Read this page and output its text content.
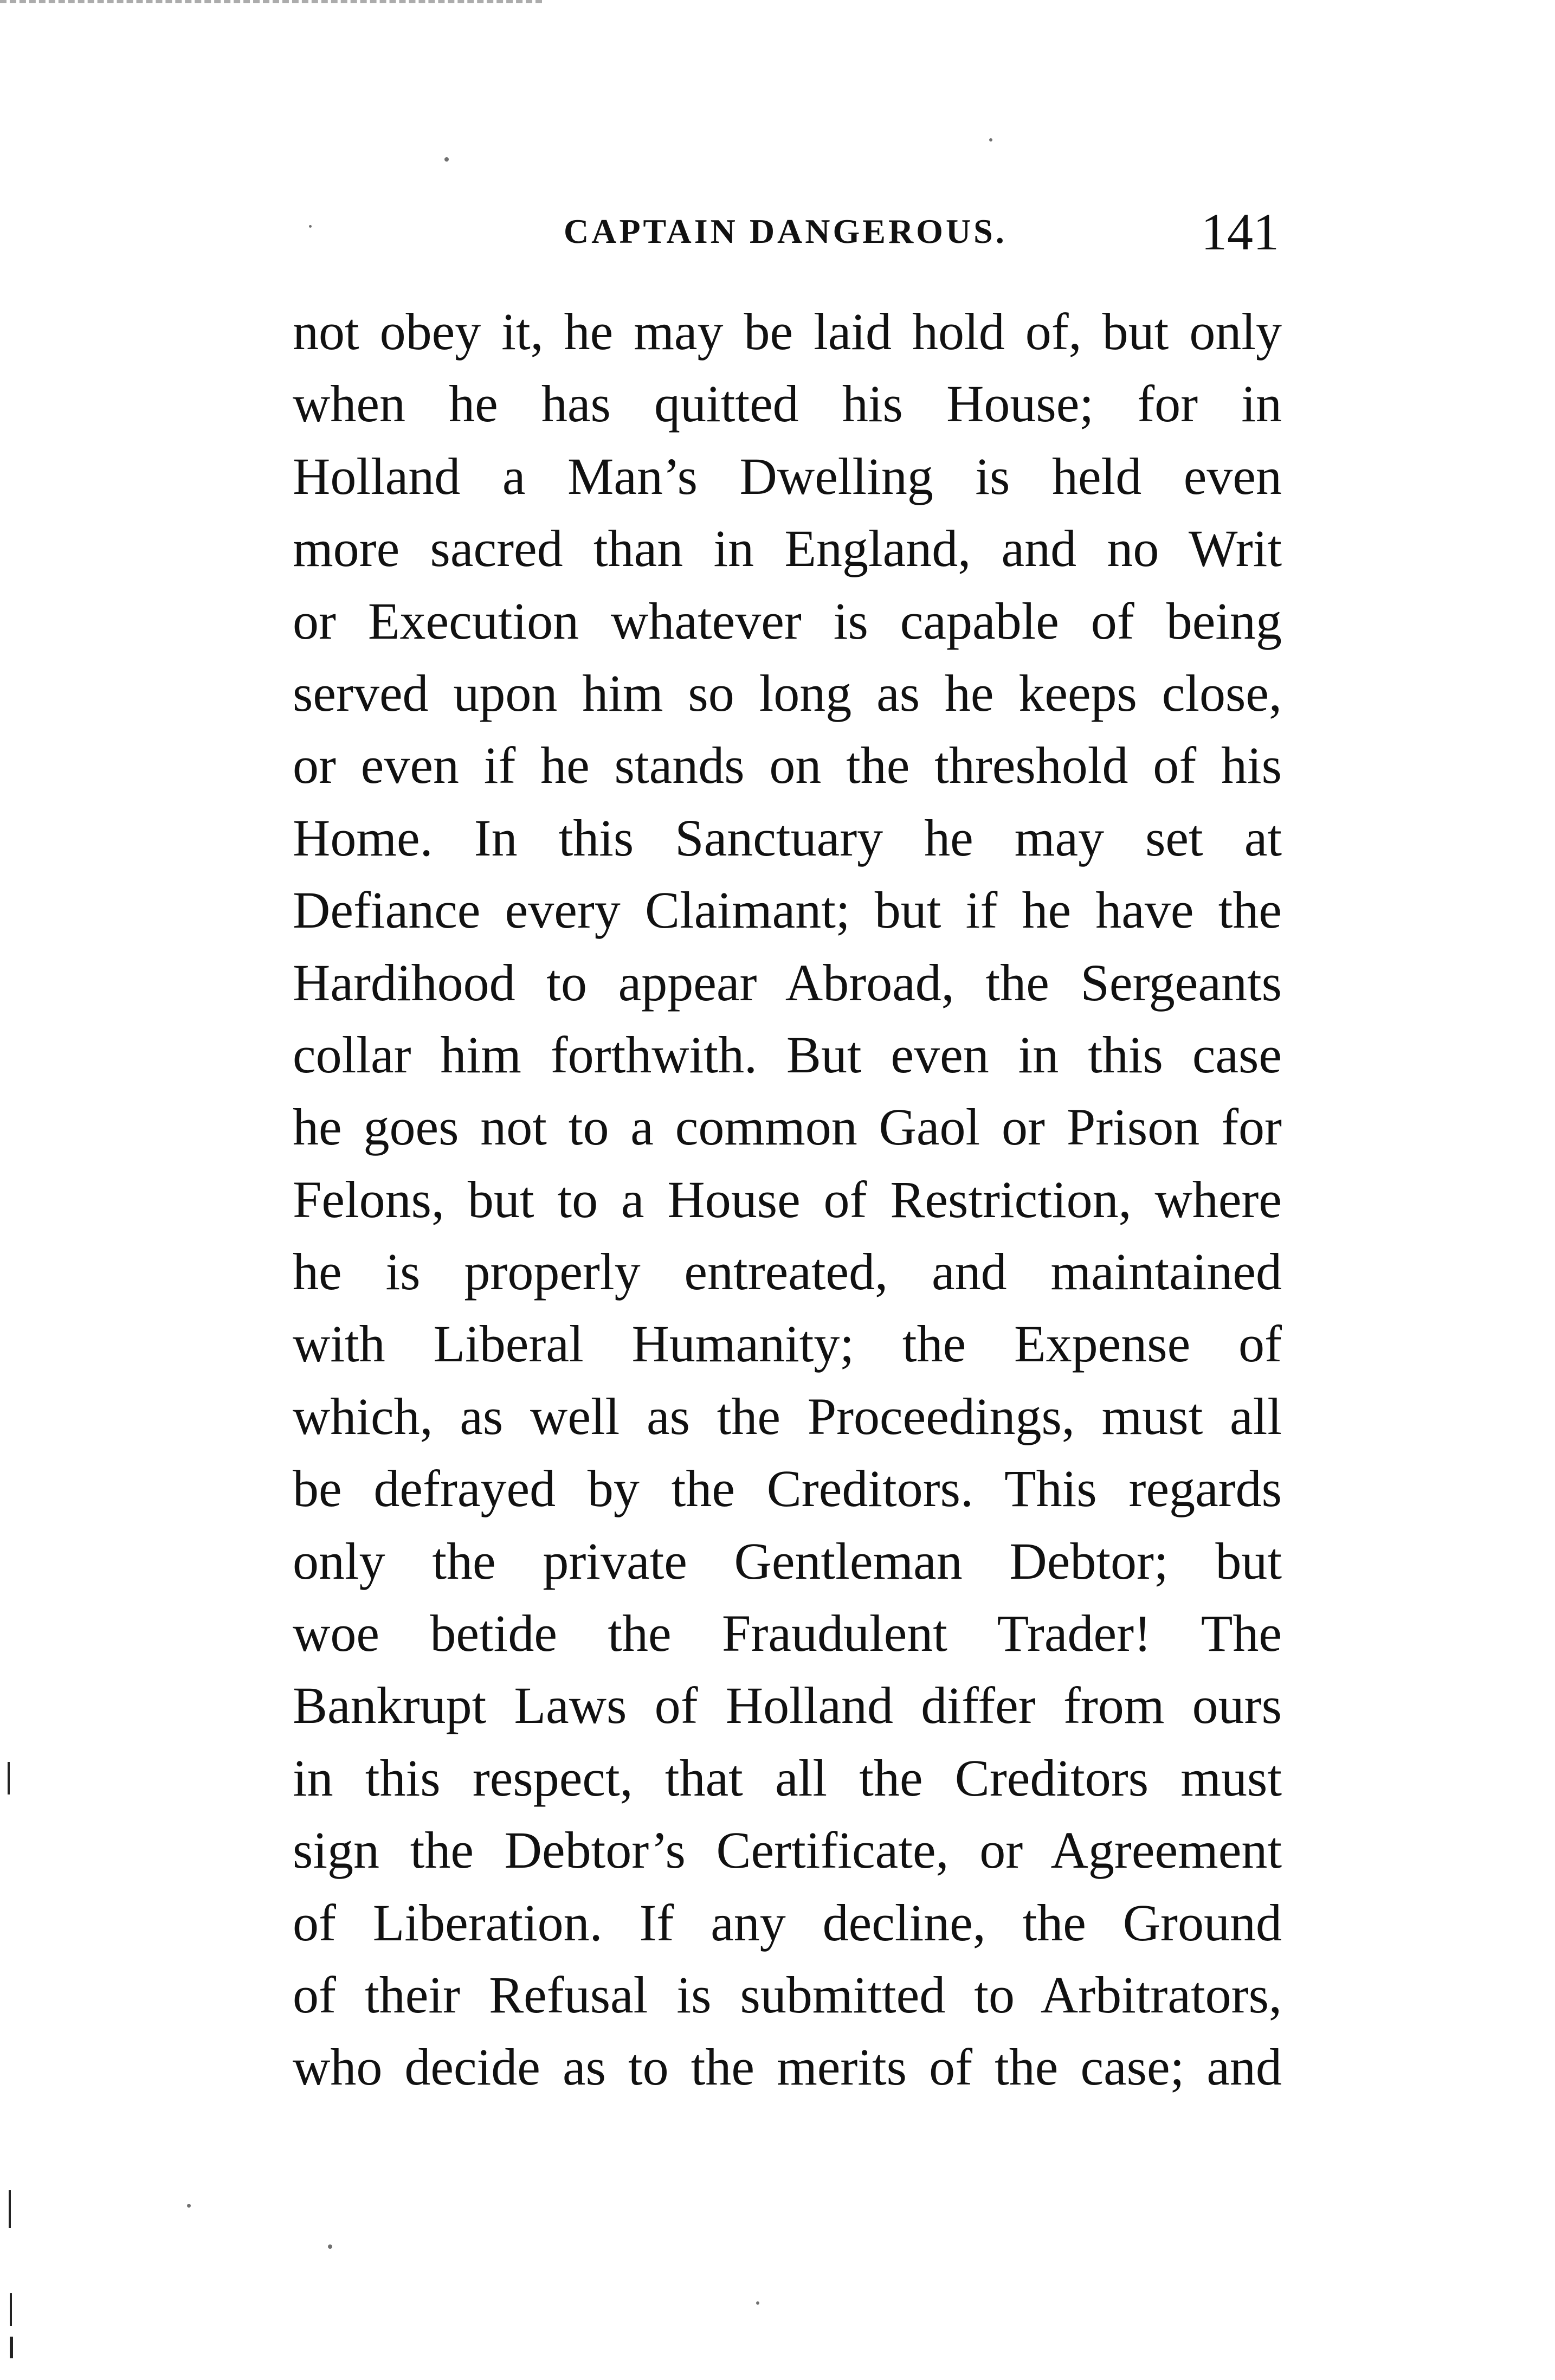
CAPTAIN DANGEROUS.	141
not obey it, he may be laid hold of, but only
when he has quitted his House; for in
Holland a Man’s Dwelling is held even
more sacred than in England, and no Writ
or Execution whatever is capable of being
served upon him so long as he keeps close,
or even if he stands on the threshold of his
Home. In this Sanctuary he may set at
Defiance every Claimant; but if he have the
Hardihood to appear Abroad, the Sergeants
collar him forthwith. But even in this case
he goes not to a common Gaol or Prison for
Felons, but to a House of Restriction, where
he is properly entreated, and maintained
with Liberal Humanity; the Expense of
which, as well as the Proceedings, must all
be defrayed by the Creditors. This regards
only the private Gentleman Debtor; but
woe betide the Fraudulent Trader! The
Bankrupt Laws of Holland differ from ours
in this respect, that all the Creditors must
sign the Debtor’s Certificate, or Agreement
of Liberation. If any decline, the Ground
of their Refusal is submitted to Arbitrators,
who decide as to the merits of the case; and
